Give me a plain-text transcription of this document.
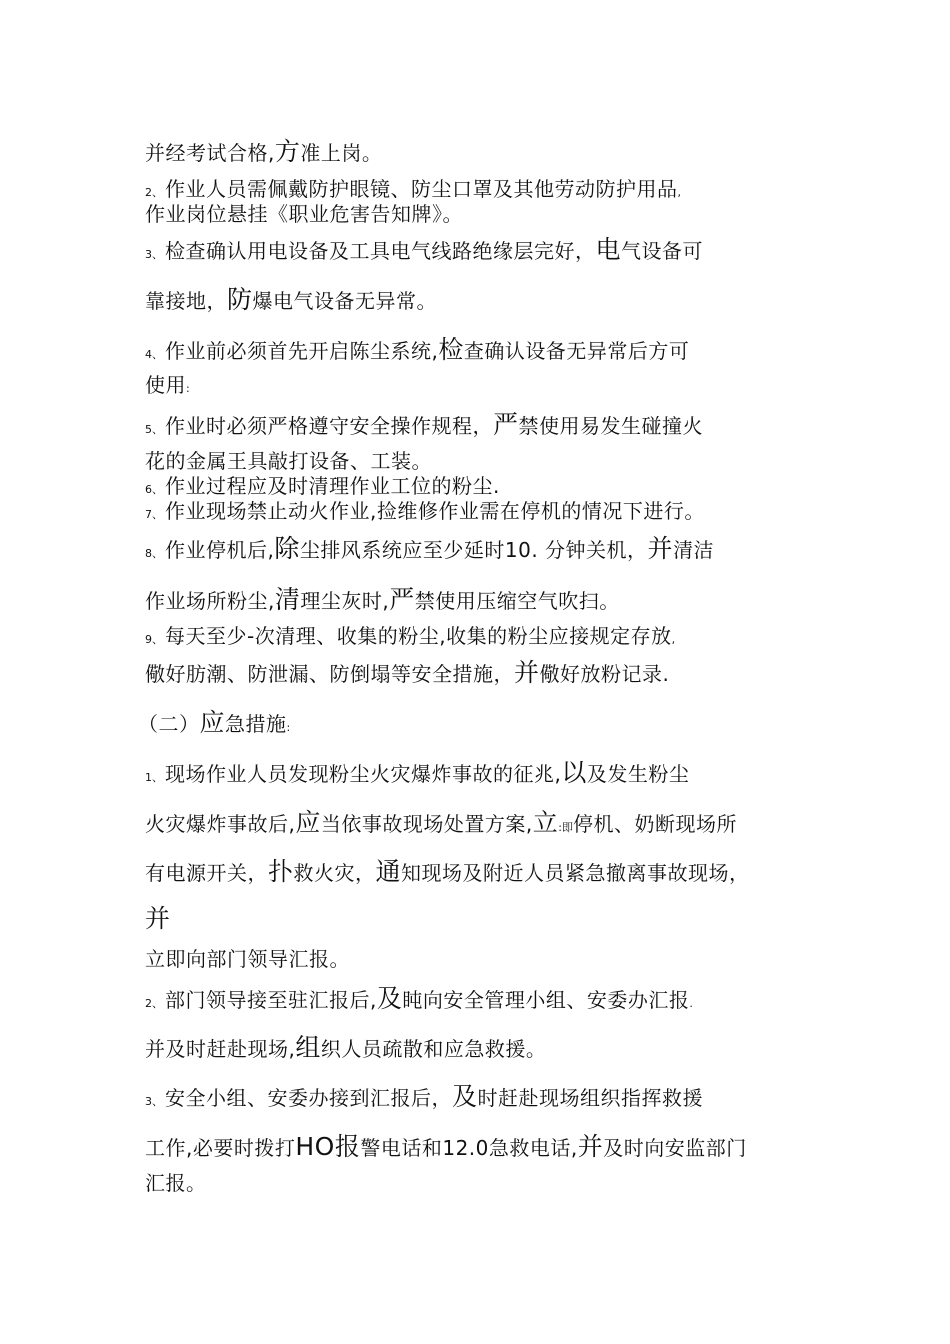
并经考试合格,方准上岗。
2、 作业人员需佩戴防护眼镜、防尘口罩及其他劳动防护用品,
作业岗位悬挂《职业危害告知牌》。
3、 检查确认用电设备及工具电气线路绝缘层完好，电气设备可
靠接地，防爆电气设备无异常。
4、 作业前必须首先开启陈尘系统,检查确认设备无异常后方可
使用:
5、 作业时必须严格遵守安全操作规程，严禁使用易发生碰撞火
花的金属王具敲打设备、工装。
6、 作业过程应及时清理作业工位的粉尘.
7、 作业现场禁止动火作业,捡维修作业需在停机的情况下进行。
8、 作业停机后,除尘排风系统应至少延时10. 分钟关机，并清洁
作业场所粉尘,清理尘灰时,严禁使用压缩空气吹扫。
9、 每天至少-次清理、收集的粉尘,收集的粉尘应接规定存放,
儆好肪潮、防泄漏、防倒塌等安全措施，并儆好放粉记录.
（二）应急措施:
1、 现场作业人员发现粉尘火灾爆炸事故的征兆,以及发生粉尘
火灾爆炸事故后,应当依事故现场处置方案,立:即停机、奶断现场所
有电源开关，扑救火灾，通知现场及附近人员紧急撤离事故现场，
并
立即向部门领导汇报。
2、 部门领导接至驻汇报后,及盹向安全管理小组、安委办汇报.
并及时赶赴现场,组织人员疏散和应急救援。
3、 安全小组、安委办接到汇报后，及时赶赴现场组织指挥救援
工作,必要时拨打HO报警电话和12.0急救电话,并及时向安监部门
汇报。
